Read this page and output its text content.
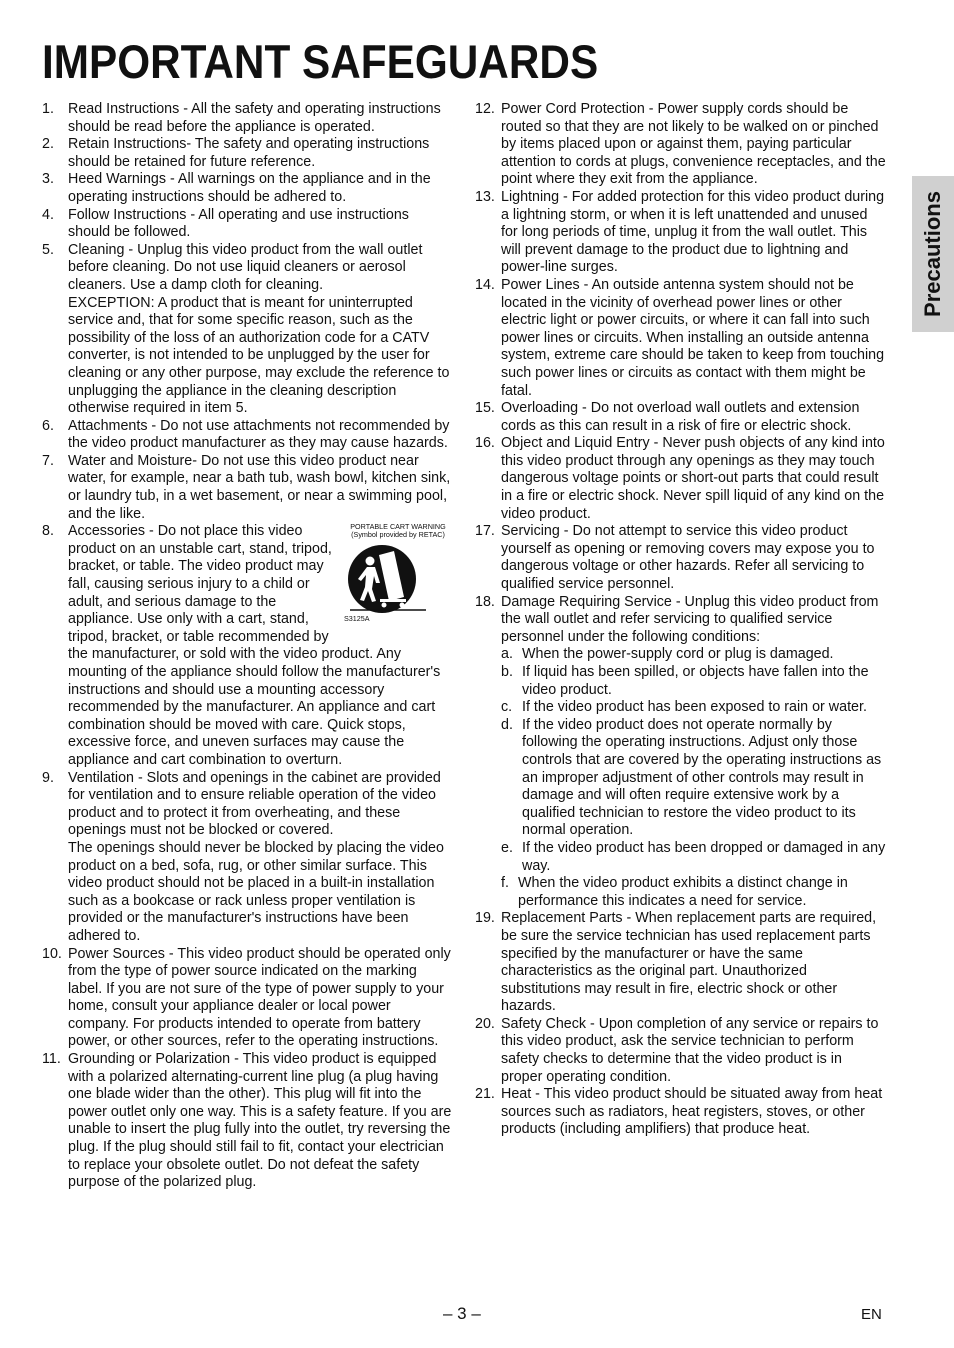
IMPORTANT SAFEGUARDS
1. Read Instructions - All the safety and operating instructions should be read before the appliance is operated.

2. Retain Instructions- The safety and operating instructions should be retained for future reference.

3. Heed Warnings - All warnings on the appliance and in the operating instructions should be adhered to.

4. Follow Instructions - All operating and use instructions should be followed.

5. Cleaning - Unplug this video product from the wall outlet before cleaning. Do not use liquid cleaners or aerosol cleaners. Use a damp cloth for cleaning.

EXCEPTION: A product that is meant for uninterrupted service and, that for some specific reason, such as the possibility of the loss of an authorization code for a CATV converter, is not intended to be unplugged by the user for cleaning or any other purpose, may exclude the reference to unplugging the appliance in the cleaning description otherwise required in item 5.

6. Attachments - Do not use attachments not recommended by the video product manufacturer as they may cause hazards.

7. Water and Moisture- Do not use this video product near water, for example, near a bath tub, wash bowl, kitchen sink, or laundry tub, in a wet basement, or near a swimming pool, and the like.

8.	PORTABLE CART WARNING
(Symbol provided by RETAC)
S3125A

Accessories - Do not place this video product on an unstable cart, stand, tripod, bracket, or table. The video product may fall, causing serious injury to a child or adult, and serious damage to the appliance. Use only with a cart, stand, tripod, bracket, or table recommended by the manufacturer, or sold with the video product. Any mounting of the appliance should follow the manufacturer's instructions and should use a mounting accessory recommended by the manufacturer. An appliance and cart combination should be moved with care. Quick stops, excessive force, and uneven surfaces may cause the appliance and cart combination to overturn.

9. Ventilation - Slots and openings in the cabinet are provided for ventilation and to ensure reliable operation of the video product and to protect it from overheating, and these openings must not be blocked or covered.

The openings should never be blocked by placing the video product on a bed, sofa, rug, or other similar surface. This video product should not be placed in a built-in installation such as a bookcase or rack unless proper ventilation is provided or the manufacturer's instructions have been adhered to.

10. Power Sources - This video product should be operated only from the type of power source indicated on the marking label. If you are not sure of the type of power supply to your home, consult your appliance dealer or local power company. For products intended to operate from battery power, or other sources, refer to the operating instructions.

11. Grounding or Polarization - This video product is equipped with a polarized alternating-current line plug (a plug having one blade wider than the other). This plug will fit into the power outlet only one way. This is a safety feature. If you are unable to insert the plug fully into the outlet, try reversing the plug. If the plug should still fail to fit, contact your electrician to replace your obsolete outlet. Do not defeat the safety purpose of the polarized plug.

12. Power Cord Protection - Power supply cords should be routed so that they are not likely to be walked on or pinched by items placed upon or against them, paying particular attention to cords at plugs, convenience receptacles, and the point where they exit from the appliance.

13. Lightning - For added protection for this video product during a lightning storm, or when it is left unattended and unused for long periods of time, unplug it from the wall outlet. This will prevent damage to the product due to lightning and power-line surges.

14. Power Lines - An outside antenna system should not be located in the vicinity of overhead power lines or other electric light or power circuits, or where it can fall into such power lines or circuits. When installing an outside antenna system, extreme care should be taken to keep from touching such power lines or circuits as contact with them might be fatal.

15. Overloading - Do not overload wall outlets and extension cords as this can result in a risk of fire or electric shock.

16. Object and Liquid Entry - Never push objects of any kind into this video product through any openings as they may touch dangerous voltage points or short-out parts that could result in a fire or electric shock. Never spill liquid of any kind on the video product.

17. Servicing - Do not attempt to service this video product yourself as opening or removing covers may expose you to dangerous voltage or other hazards. Refer all servicing to qualified service personnel.

18. Damage Requiring Service - Unplug this video product from the wall outlet and refer servicing to qualified service personnel under the following conditions:

a. When the power-supply cord or plug is damaged.
b. If liquid has been spilled, or objects have fallen into the video product.
c. If the video product has been exposed to rain or water.
d. If the video product does not operate normally by following the operating instructions. Adjust only those controls that are covered by the operating instructions as an improper adjustment of other controls may result in damage and will often require extensive work by a qualified technician to restore the video product to its normal operation.
e. If the video product has been dropped or damaged in any way.
f. When the video product exhibits a distinct change in performance this indicates a need for service.
19. Replacement Parts - When replacement parts are required, be sure the service technician has used replacement parts specified by the manufacturer or have the same characteristics as the original part. Unauthorized substitutions may result in fire, electric shock or other hazards.

20. Safety Check - Upon completion of any service or repairs to this video product, ask the service technician to perform safety checks to determine that the video product is in proper operating condition.

21. Heat - This video product should be situated away from heat sources such as radiators, heat registers, stoves, or other products (including amplifiers) that produce heat.

Precautions
– 3 –	EN
